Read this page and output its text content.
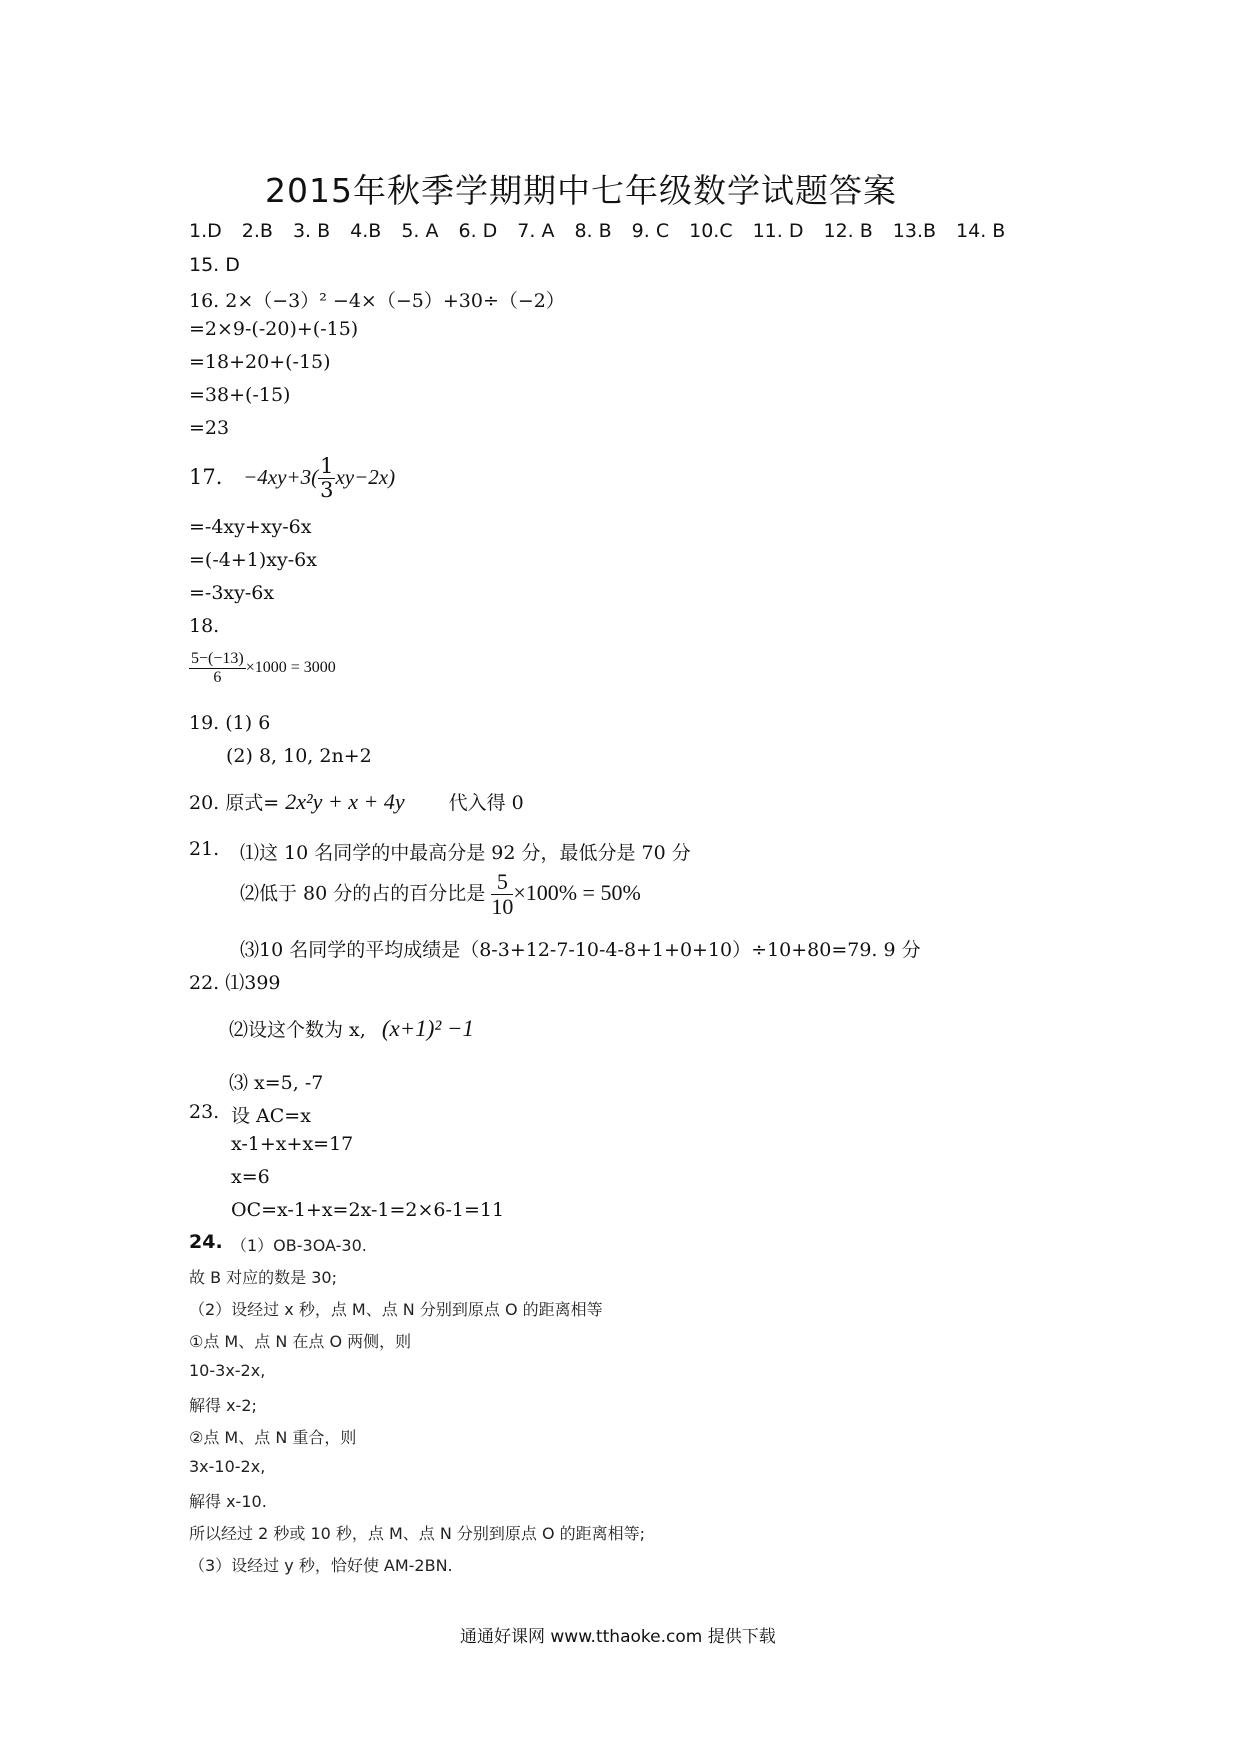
2015年秋季学期期中七年级数学试题答案
1.D 2.B 3. B 4.B 5. A 6. D 7. A 8. B 9. C 10.C 11. D 12. B 13.B 14. B
15. D
16. 2×（−3）² −4×（−5）+30÷（−2）
=2×9-(-20)+(-15)
=18+20+(-15)
=38+(-15)
=23
17. $-4xy+3( \frac{1}{3} xy-2x)$
=-4xy+xy-6x
=(-4+1)xy-6x
=-3xy-6x
18.
$\frac{5-(-13)}{6} \times 1000 = 3000$
19. (1) 6
(2) 8, 10, 2n+2
20. 原式= 2x²y + x + 4y 代入得 0
21. ⑴这 10 名同学的中最高分是 92 分，最低分是 70 分
⑵低于 80 分的占的百分比是 $\frac{5}{10} \times 100\% = 50\%$
⑶10 名同学的平均成绩是（8-3+12-7-10-4-8+1+0+10）÷10+80=79. 9 分
22. ⑴399
⑵设这个数为 x, (x+1)² −1
⑶ x=5, -7
23. 设 AC=x
x-1+x+x=17
x=6
OC=x-1+x=2x-1=2×6-1=11
24. （1）OB-3OA-30.
故 B 对应的数是 30;
（2）设经过 x 秒，点 M、点 N 分别到原点 O 的距离相等
①点 M、点 N 在点 O 两侧，则
10-3x-2x,
解得 x-2;
②点 M、点 N 重合，则
3x-10-2x,
解得 x-10.
所以经过 2 秒或 10 秒，点 M、点 N 分别到原点 O 的距离相等;
（3）设经过 y 秒，恰好使 AM-2BN.
通通好课网 www.tthaoke.com 提供下载
